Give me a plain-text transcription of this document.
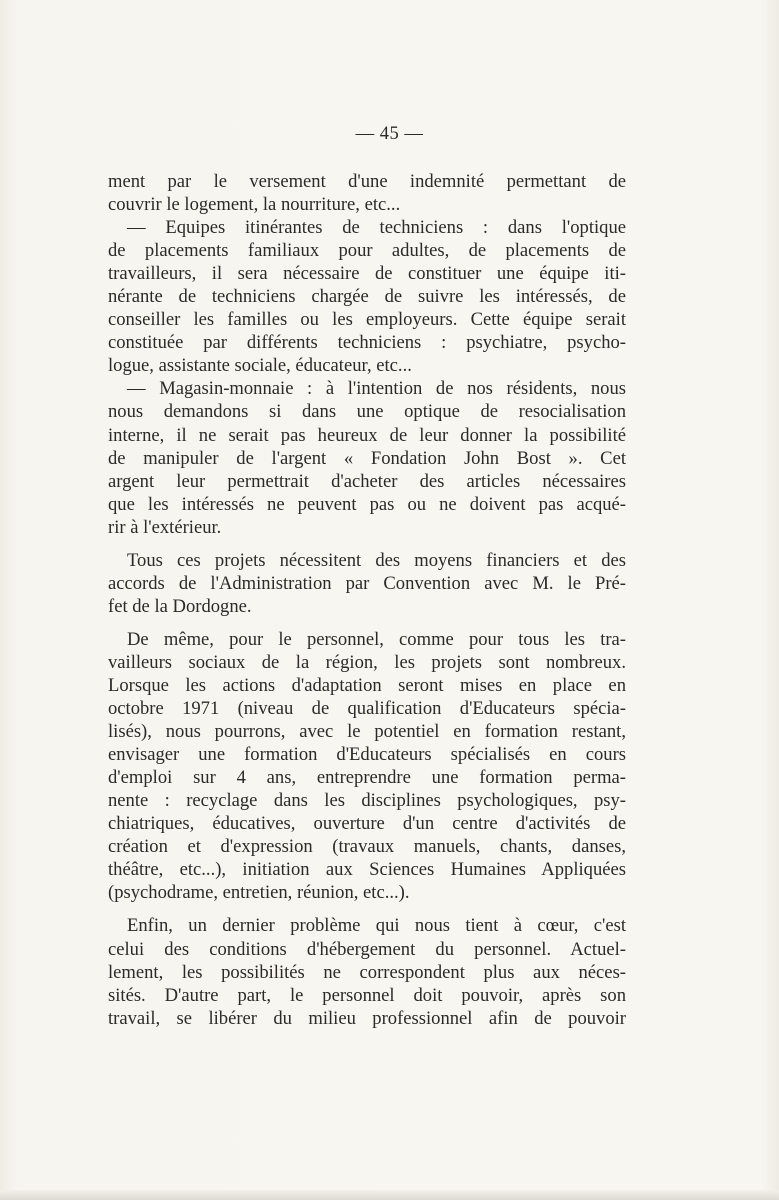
— 45 —
ment par le versement d'une indemnité permettant de
couvrir le logement, la nourriture, etc...
— Equipes itinérantes de techniciens : dans l'optique
de placements familiaux pour adultes, de placements de
travailleurs, il sera nécessaire de constituer une équipe iti-
nérante de techniciens chargée de suivre les intéressés, de
conseiller les familles ou les employeurs. Cette équipe serait
constituée par différents techniciens : psychiatre, psycho-
logue, assistante sociale, éducateur, etc...
— Magasin-monnaie : à l'intention de nos résidents, nous
nous demandons si dans une optique de resocialisation
interne, il ne serait pas heureux de leur donner la possibilité
de manipuler de l'argent « Fondation John Bost ». Cet
argent leur permettrait d'acheter des articles nécessaires
que les intéressés ne peuvent pas ou ne doivent pas acqué-
rir à l'extérieur.
Tous ces projets nécessitent des moyens financiers et des
accords de l'Administration par Convention avec M. le Pré-
fet de la Dordogne.
De même, pour le personnel, comme pour tous les tra-
vailleurs sociaux de la région, les projets sont nombreux.
Lorsque les actions d'adaptation seront mises en place en
octobre 1971 (niveau de qualification d'Educateurs spécia-
lisés), nous pourrons, avec le potentiel en formation restant,
envisager une formation d'Educateurs spécialisés en cours
d'emploi sur 4 ans, entreprendre une formation perma-
nente : recyclage dans les disciplines psychologiques, psy-
chiatriques, éducatives, ouverture d'un centre d'activités de
création et d'expression (travaux manuels, chants, danses,
théâtre, etc...), initiation aux Sciences Humaines Appliquées
(psychodrame, entretien, réunion, etc...).
Enfin, un dernier problème qui nous tient à cœur, c'est
celui des conditions d'hébergement du personnel. Actuel-
lement, les possibilités ne correspondent plus aux néces-
sités. D'autre part, le personnel doit pouvoir, après son
travail, se libérer du milieu professionnel afin de pouvoir
